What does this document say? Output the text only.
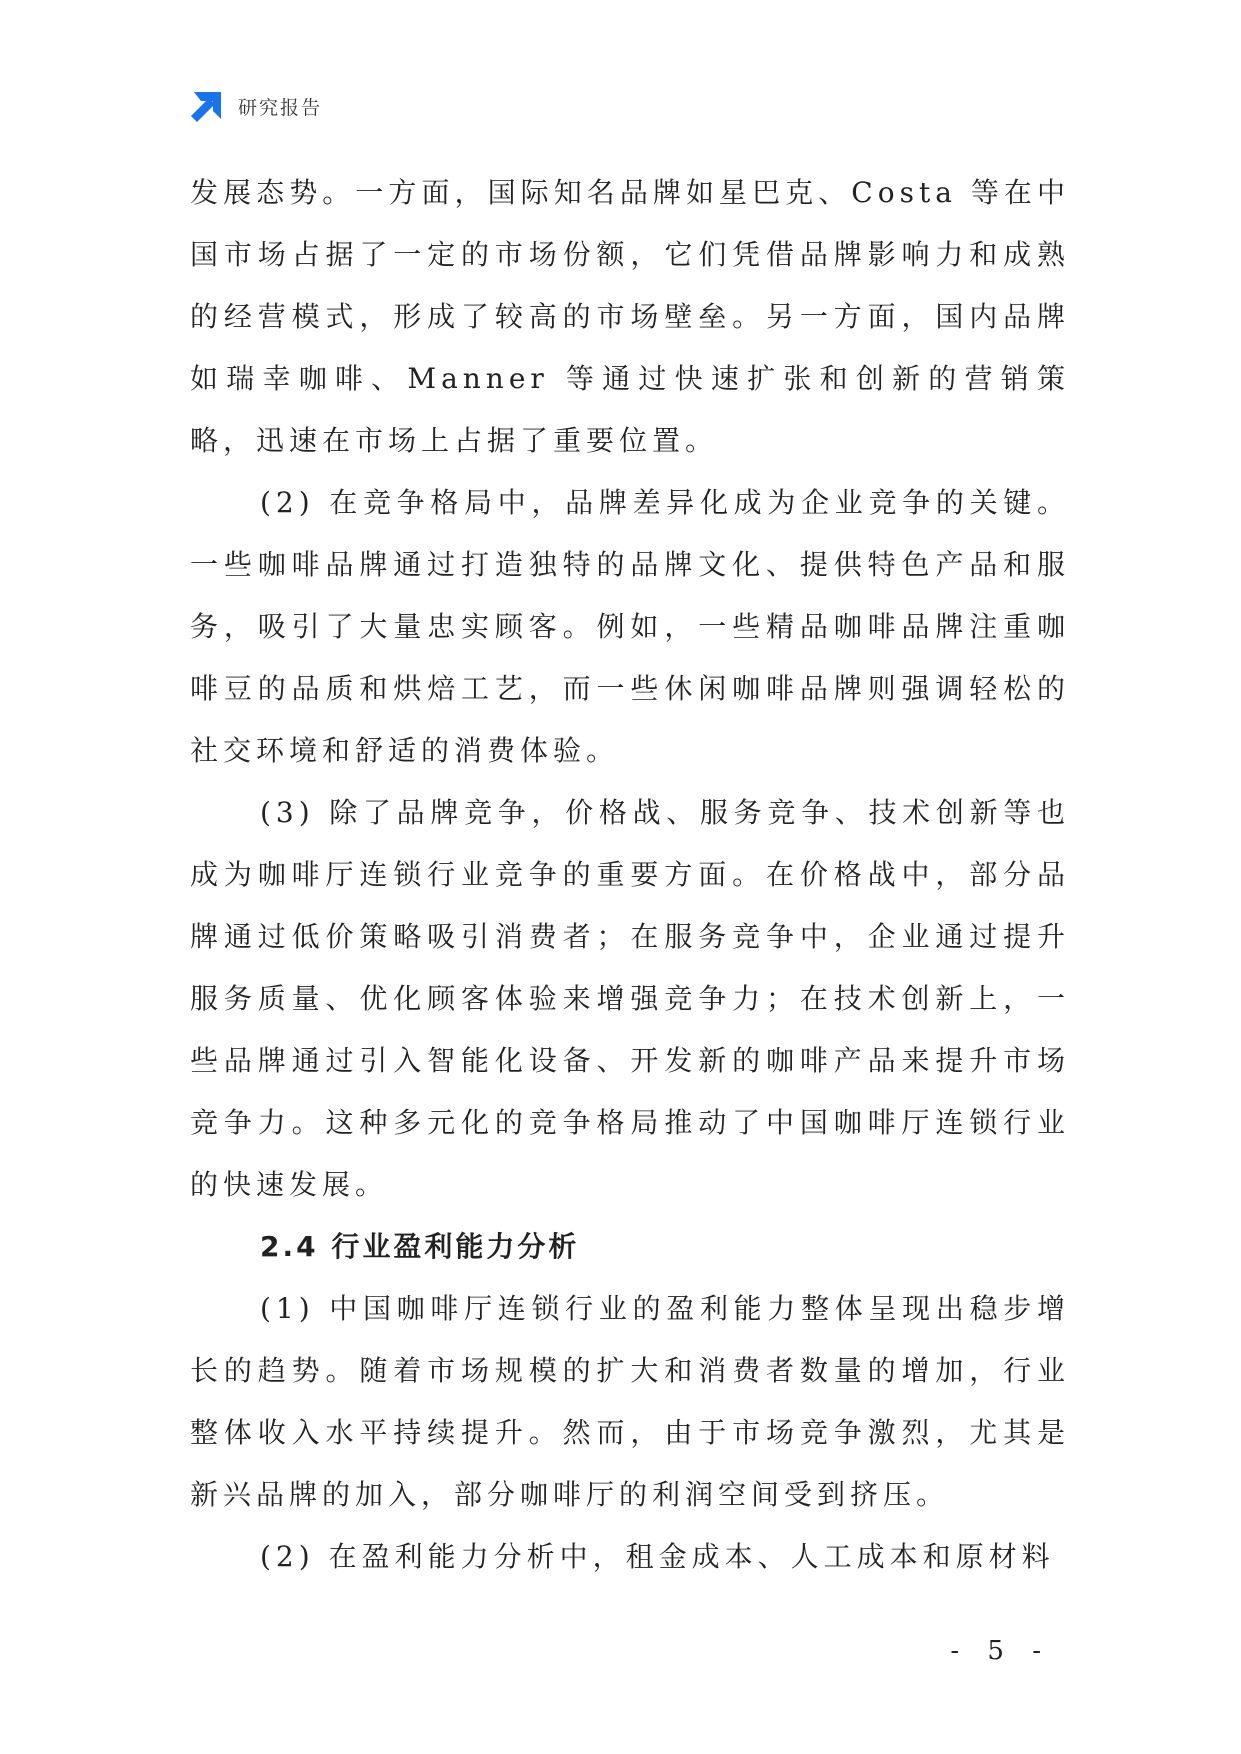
研究报告

发展态势。一方面，国际知名品牌如星巴克、Costa 等在中国市场占据了一定的市场份额，它们凭借品牌影响力和成熟的经营模式，形成了较高的市场壁垒。另一方面，国内品牌如瑞幸咖啡、Manner 等通过快速扩张和创新的营销策略，迅速在市场上占据了重要位置。

(2) 在竞争格局中，品牌差异化成为企业竞争的关键。一些咖啡品牌通过打造独特的品牌文化、提供特色产品和服务，吸引了大量忠实顾客。例如，一些精品咖啡品牌注重咖啡豆的品质和烘焙工艺，而一些休闲咖啡品牌则强调轻松的社交环境和舒适的消费体验。

(3) 除了品牌竞争，价格战、服务竞争、技术创新等也成为咖啡厅连锁行业竞争的重要方面。在价格战中，部分品牌通过低价策略吸引消费者；在服务竞争中，企业通过提升服务质量、优化顾客体验来增强竞争力；在技术创新上，一些品牌通过引入智能化设备、开发新的咖啡产品来提升市场竞争力。这种多元化的竞争格局推动了中国咖啡厅连锁行业的快速发展。

2.4 行业盈利能力分析

(1) 中国咖啡厅连锁行业的盈利能力整体呈现出稳步增长的趋势。随着市场规模的扩大和消费者数量的增加，行业整体收入水平持续提升。然而，由于市场竞争激烈，尤其是新兴品牌的加入，部分咖啡厅的利润空间受到挤压。

(2) 在盈利能力分析中，租金成本、人工成本和原材料

- 5 -
